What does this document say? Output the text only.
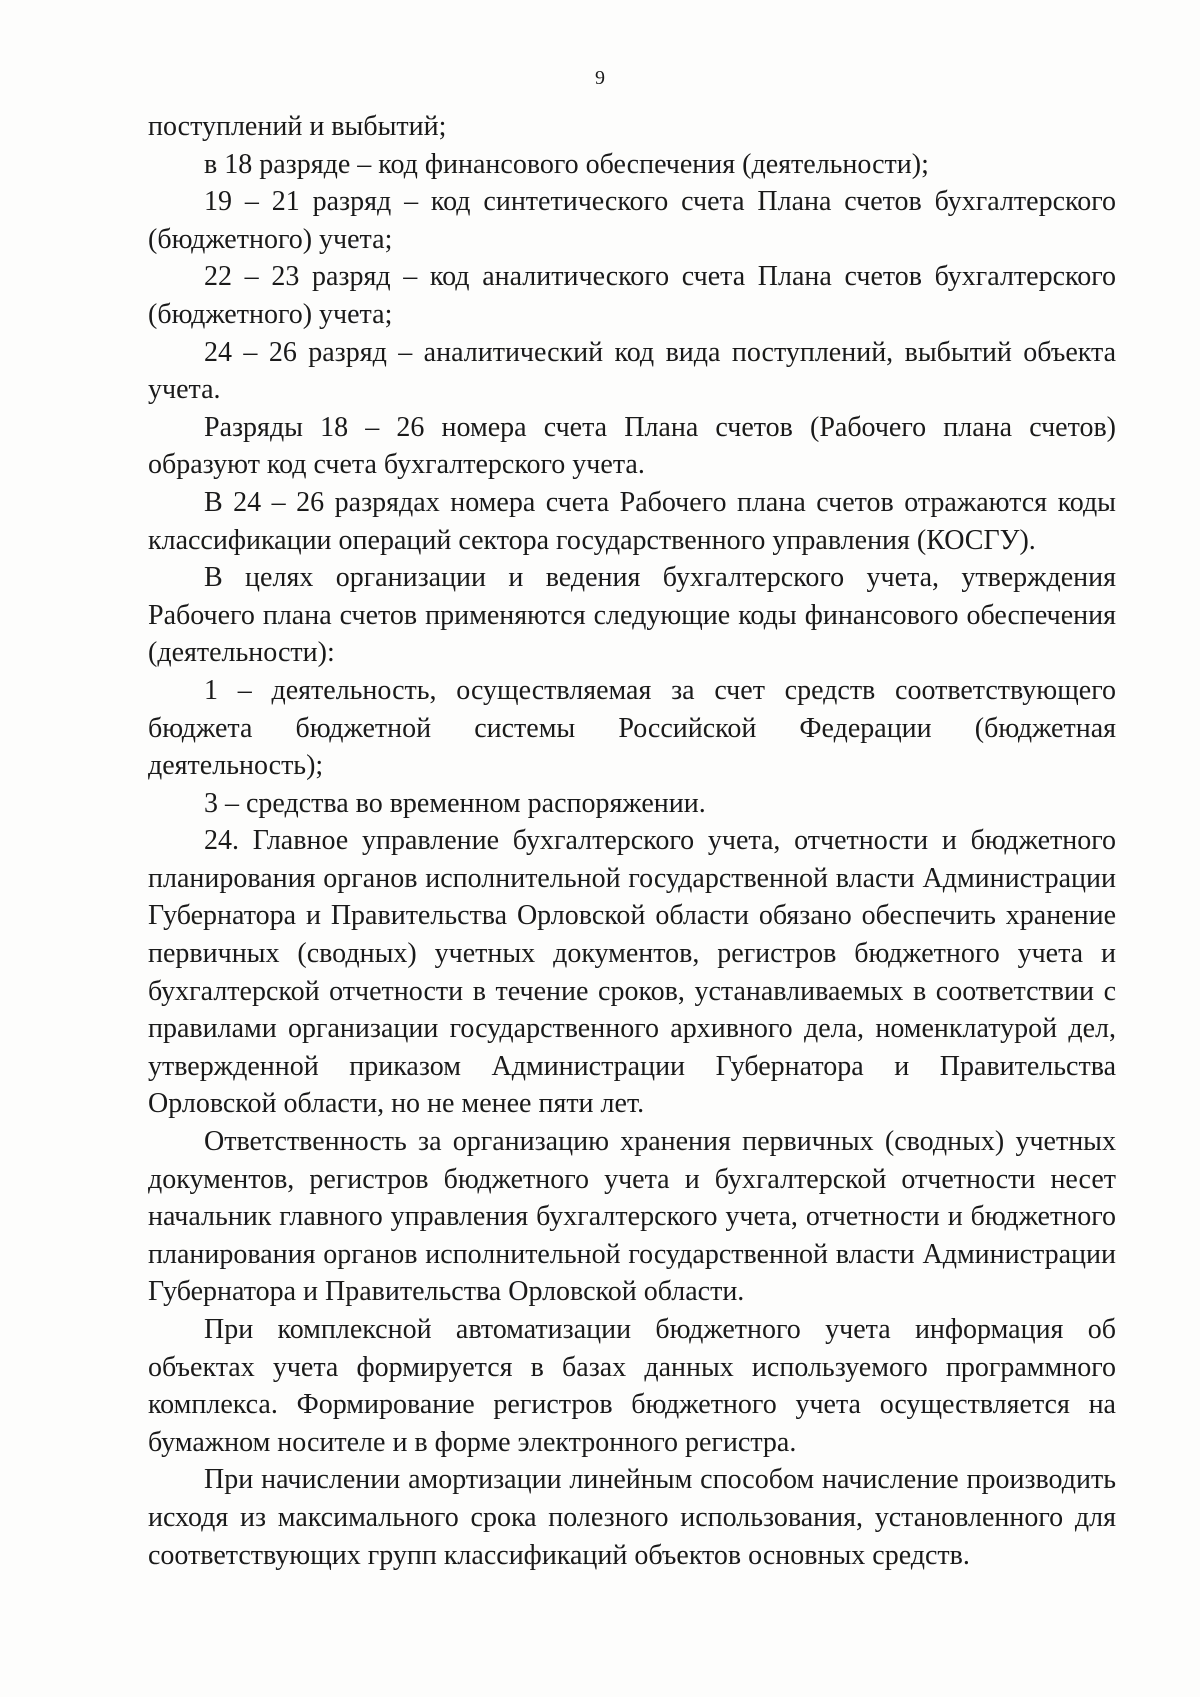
9

поступлений и выбытий;

в 18 разряде – код финансового обеспечения (деятельности);

19 – 21 разряд – код синтетического счета Плана счетов бухгалтерского (бюджетного) учета;

22 – 23 разряд – код аналитического счета Плана счетов бухгалтерского (бюджетного) учета;

24 – 26 разряд – аналитический код вида поступлений, выбытий объекта учета.

Разряды 18 – 26 номера счета Плана счетов (Рабочего плана счетов) образуют код счета бухгалтерского учета.

В 24 – 26 разрядах номера счета Рабочего плана счетов отражаются коды классификации операций сектора государственного управления (КОСГУ).

В целях организации и ведения бухгалтерского учета, утверждения Рабочего плана счетов применяются следующие коды финансового обеспечения (деятельности):

1 – деятельность, осуществляемая за счет средств соответствующего бюджета бюджетной системы Российской Федерации (бюджетная деятельность);

3 – средства во временном распоряжении.

24. Главное управление бухгалтерского учета, отчетности и бюджетного планирования органов исполнительной государственной власти Администрации Губернатора и Правительства Орловской области обязано обеспечить хранение первичных (сводных) учетных документов, регистров бюджетного учета и бухгалтерской отчетности в течение сроков, устанавливаемых в соответствии с правилами организации государственного архивного дела, номенклатурой дел, утвержденной приказом Администрации Губернатора и Правительства Орловской области, но не менее пяти лет.

Ответственность за организацию хранения первичных (сводных) учетных документов, регистров бюджетного учета и бухгалтерской отчетности несет начальник главного управления бухгалтерского учета, отчетности и бюджетного планирования органов исполнительной государственной власти Администрации Губернатора и Правительства Орловской области.

При комплексной автоматизации бюджетного учета информация об объектах учета формируется в базах данных используемого программного комплекса. Формирование регистров бюджетного учета осуществляется на бумажном носителе и в форме электронного регистра.

При начислении амортизации линейным способом начисление производить исходя из максимального срока полезного использования, установленного для соответствующих групп классификаций объектов основных средств.
